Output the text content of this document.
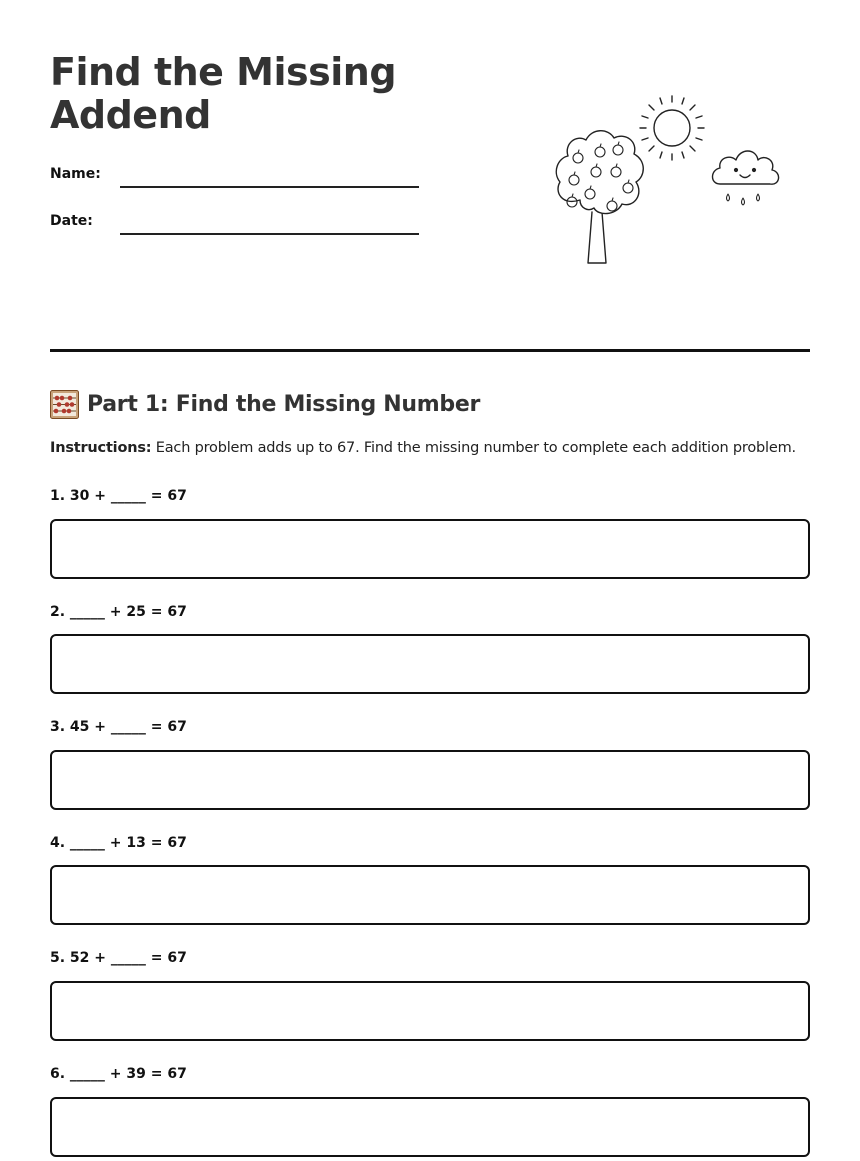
Find the Missing
Addend
Name:
Date:
Part 1: Find the Missing Number
Instructions: Each problem adds up to 67. Find the missing number to complete each addition problem.
1. 30 + _____ = 67
2. _____ + 25 = 67
3. 45 + _____ = 67
4. _____ + 13 = 67
5. 52 + _____ = 67
6. _____ + 39 = 67
